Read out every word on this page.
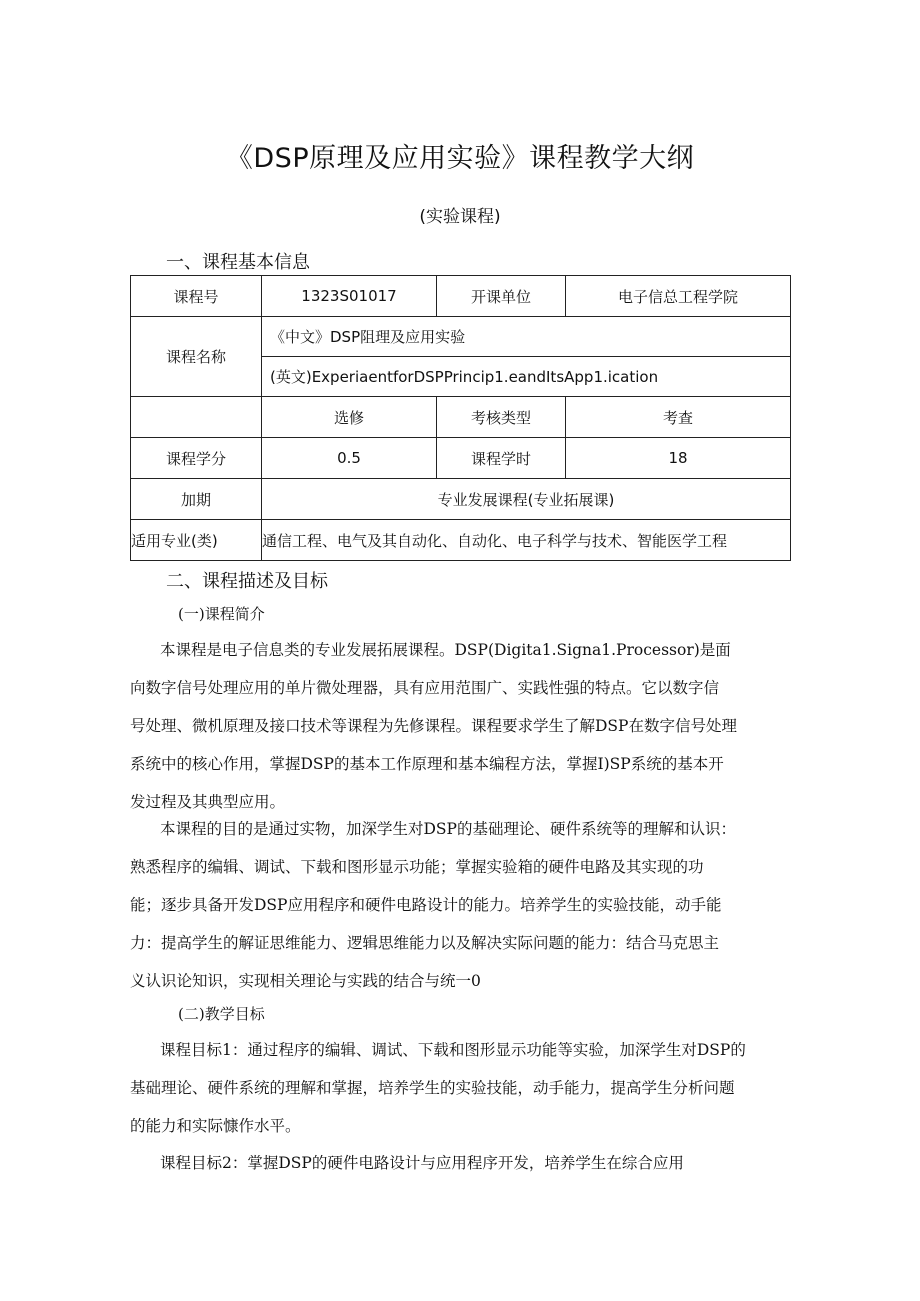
《DSP原理及应用实验》课程教学大纲
(实验课程)
一、课程基本信息
课程号	1323S01017	开课单位	电子信总工程学院
课程名称	《中文》DSP阻理及应用实验		
	(英文)ExperiaentforDSPPrincip1.eandItsApp1.ication		
	选修	考核类型	考查
课程学分	0.5	课程学时	18
加期	专业发展课程(专业拓展课)		
适用专业(类)	通信工程、电气及其自动化、自动化、电子科学与技术、智能医学工程		
二、课程描述及目标
(一)课程简介
本课程是电子信息类的专业发展拓展课程。DSP(Digita1.Signa1.Processor)是面
向数字信号处理应用的单片微处理器，具有应用范围广、实践性强的特点。它以数字信
号处理、微机原理及接口技术等课程为先修课程。课程要求学生了解DSP在数字信号处理
系统中的核心作用，掌握DSP的基本工作原理和基本编程方法，掌握I)SP系统的基本开
发过程及其典型应用。
本课程的目的是通过实物，加深学生对DSP的基础理论、硬件系统等的理解和认识：
熟悉程序的编辑、调试、下载和图形显示功能；掌握实验箱的硬件电路及其实现的功
能；逐步具备开发DSP应用程序和硬件电路设计的能力。培养学生的实验技能，动手能
力：提高学生的解证思维能力、逻辑思维能力以及解决实际问题的能力：结合马克思主
义认识论知识，实现相关理论与实践的结合与统一0
(二)教学目标
课程目标1：通过程序的编辑、调试、下载和图形显示功能等实验，加深学生对DSP的
基础理论、硬件系统的理解和掌握，培养学生的实验技能，动手能力，提高学生分析问题
的能力和实际慷作水平。
课程目标2：掌握DSP的硬件电路设计与应用程序开发，培养学生在综合应用
